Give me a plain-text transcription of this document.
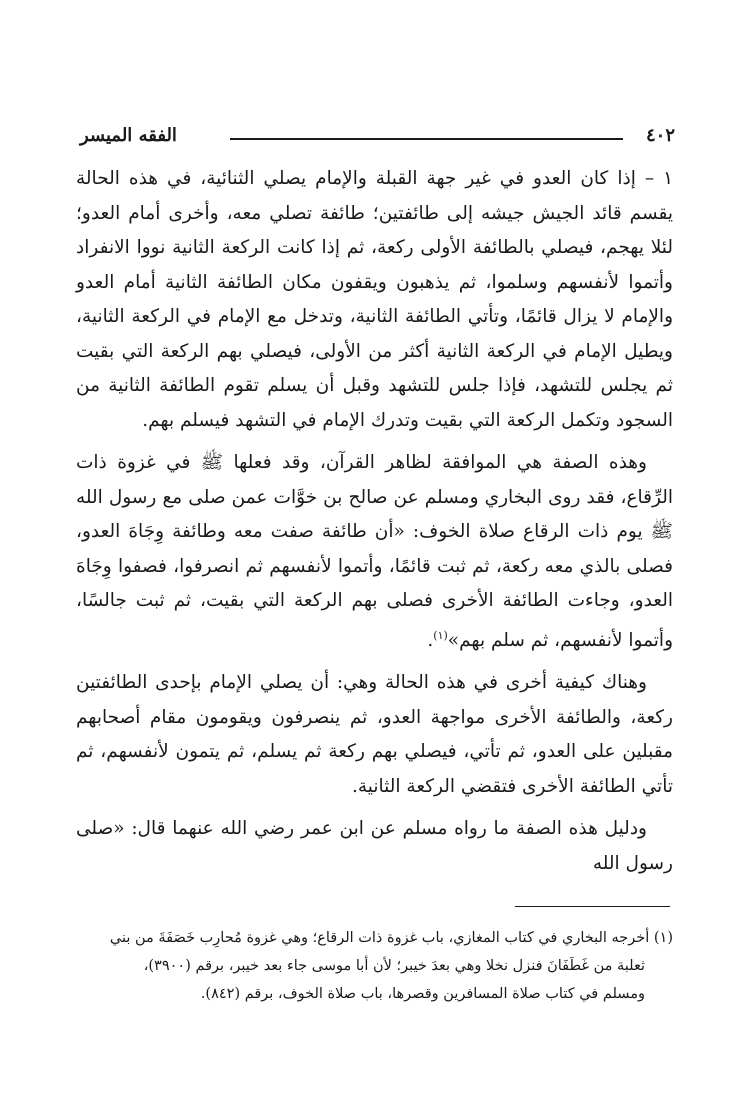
٤٠٢
الفقه الميسر

١ – إذا كان العدو في غير جهة القبلة والإمام يصلي الثنائية، في هذه الحالة يقسم قائد الجيش جيشه إلى طائفتين؛ طائفة تصلي معه، وأخرى أمام العدو؛ لئلا يهجم، فيصلي بالطائفة الأولى ركعة، ثم إذا كانت الركعة الثانية نووا الانفراد وأتموا لأنفسهم وسلموا، ثم يذهبون ويقفون مكان الطائفة الثانية أمام العدو والإمام لا يزال قائمًا، وتأتي الطائفة الثانية، وتدخل مع الإمام في الركعة الثانية، ويطيل الإمام في الركعة الثانية أكثر من الأولى، فيصلي بهم الركعة التي بقيت ثم يجلس للتشهد، فإذا جلس للتشهد وقبل أن يسلم تقوم الطائفة الثانية من السجود وتكمل الركعة التي بقيت وتدرك الإمام في التشهد فيسلم بهم.

وهذه الصفة هي الموافقة لظاهر القرآن، وقد فعلها ﷺ في غزوة ذات الرِّقاع، فقد روى البخاري ومسلم عن صالح بن خوَّات عمن صلى مع رسول الله ﷺ يوم ذات الرقاع صلاة الخوف: «أن طائفة صفت معه وطائفة وِجَاهَ العدو، فصلى بالذي معه ركعة، ثم ثبت قائمًا، وأتموا لأنفسهم ثم انصرفوا، فصفوا وِجَاهَ العدو، وجاءت الطائفة الأخرى فصلى بهم الركعة التي بقيت، ثم ثبت جالسًا، وأتموا لأنفسهم، ثم سلم بهم»$^{(١)}$.

وهناك كيفية أخرى في هذه الحالة وهي: أن يصلي الإمام بإحدى الطائفتين ركعة، والطائفة الأخرى مواجهة العدو، ثم ينصرفون ويقومون مقام أصحابهم مقبلين على العدو، ثم تأتي، فيصلي بهم ركعة ثم يسلم، ثم يتمون لأنفسهم، ثم تأتي الطائفة الأخرى فتقضي الركعة الثانية.

ودليل هذه الصفة ما رواه مسلم عن ابن عمر رضي الله عنهما قال: «صلى رسول الله

(١) أخرجه البخاري في كتاب المغازي، باب غزوة ذات الرقاع؛ وهي غزوة مُحارِب خَصَفَةَ من بني

ثعلبة من غَطَفَانَ فنزل نخلا وهي بعدَ خيبر؛ لأن أبا موسى جاء بعد خيبر، برقم (٣٩٠٠)،

ومسلم في كتاب صلاة المسافرين وقصرها، باب صلاة الخوف، برقم (٨٤٢).
